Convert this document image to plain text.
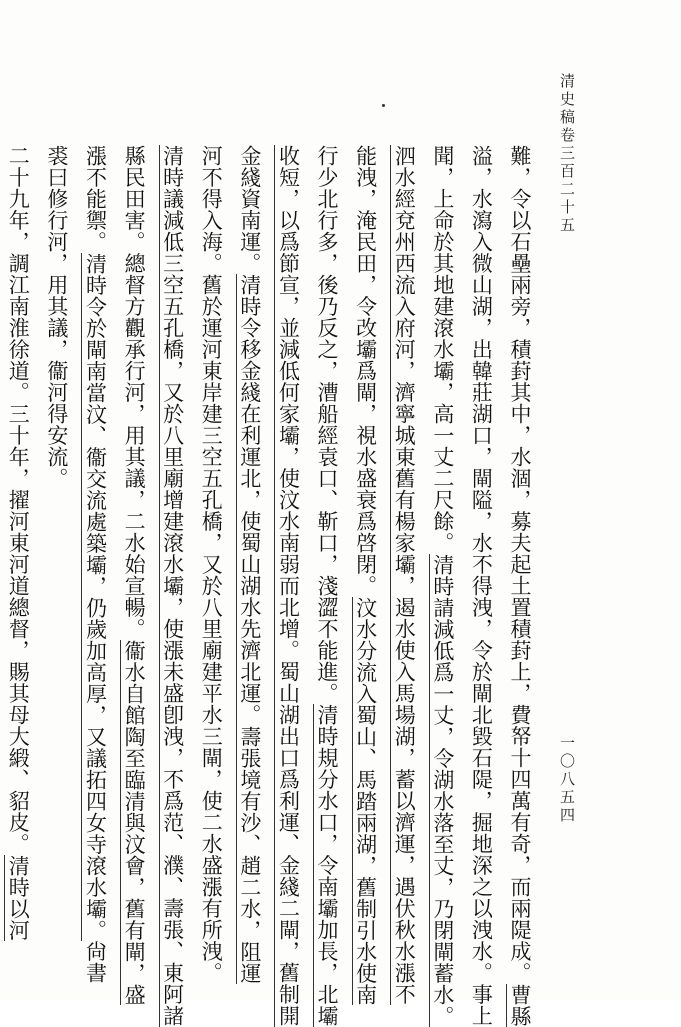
清史稿卷三百二十五
難，令以石壘兩旁，積葑其中，水涸，募夫起土置積葑上，費帑十四萬有奇，而兩隄成。曹縣
溢，水瀉入微山湖，出韓莊湖口，閘隘，水不得洩，令於閘北毀石隄，掘地深之以洩水。事上
聞，上命於其地建滾水壩，高一丈二尺餘。清時請減低爲一丈，令湖水落至丈，乃閉閘蓄水。
泗水經兗州西流入府河，濟寧城東舊有楊家壩，遏水使入馬場湖，蓄以濟運，遇伏秋水漲不
能洩，淹民田，令改壩爲閘，視水盛衰爲啓閉。汶水分流入蜀山、馬踏兩湖，舊制引水使南
行少北行多，後乃反之，漕船經袁口、靳口，淺澀不能進。清時規分水口，令南壩加長，北壩
收短，以爲節宣，並減低何家壩，使汶水南弱而北增。蜀山湖出口爲利運、金綫二閘，舊制開
金綫資南運。清時令移金綫在利運北，使蜀山湖水先濟北運。壽張境有沙、趙二水，阻運
河不得入海。舊於運河東岸建三空五孔橋，又於八里廟建平水三閘，使二水盛漲有所洩。
清時議減低三空五孔橋，又於八里廟增建滾水壩，使漲未盛卽洩，不爲范、濮、壽張、東阿諸
縣民田害。總督方觀承行河，用其議，二水始宣暢。衞水自館陶至臨清與汶會，舊有閘，盛
漲不能禦。清時令於閘南當汶、衞交流處築壩，仍歲加高厚，又議拓四女寺滾水壩。尙書
裘曰修行河，用其議，衞河得安流。
二十九年，調江南淮徐道。三十年，擢河東河道總督，賜其母大緞、貂皮。清時以河
一〇八五四
